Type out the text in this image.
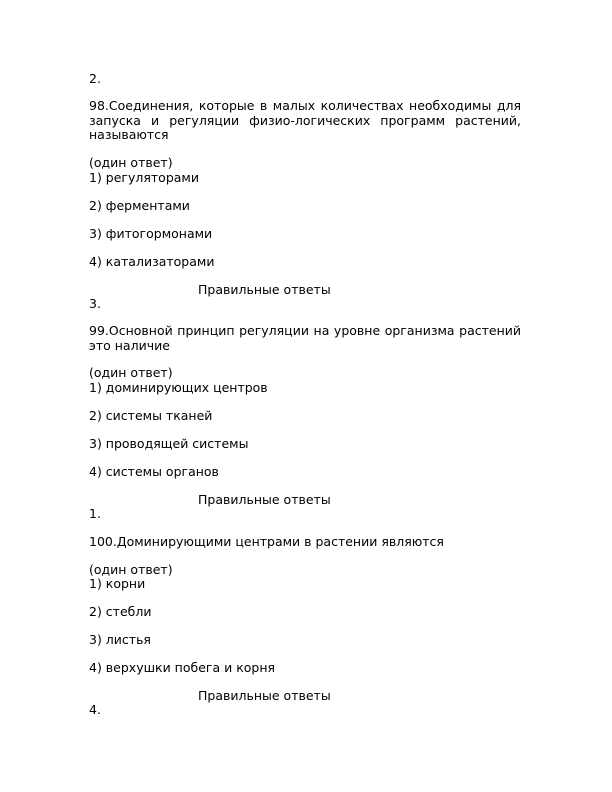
2.
98.Соединения, которые в малых количествах необходимы для запуска и регуляции физио-логических программ растений, называются
(один ответ)
1) регуляторами
2) ферментами
3) фитогормонами
4) катализаторами
Правильные ответы
3.
99.Основной принцип регуляции на уровне организма растений это наличие
(один ответ)
1) доминирующих центров
2) системы тканей
3) проводящей системы
4) системы органов
Правильные ответы
1.
100.Доминирующими центрами в растении являются
(один ответ)
1) корни
2) стебли
3) листья
4) верхушки побега и корня
Правильные ответы
4.
